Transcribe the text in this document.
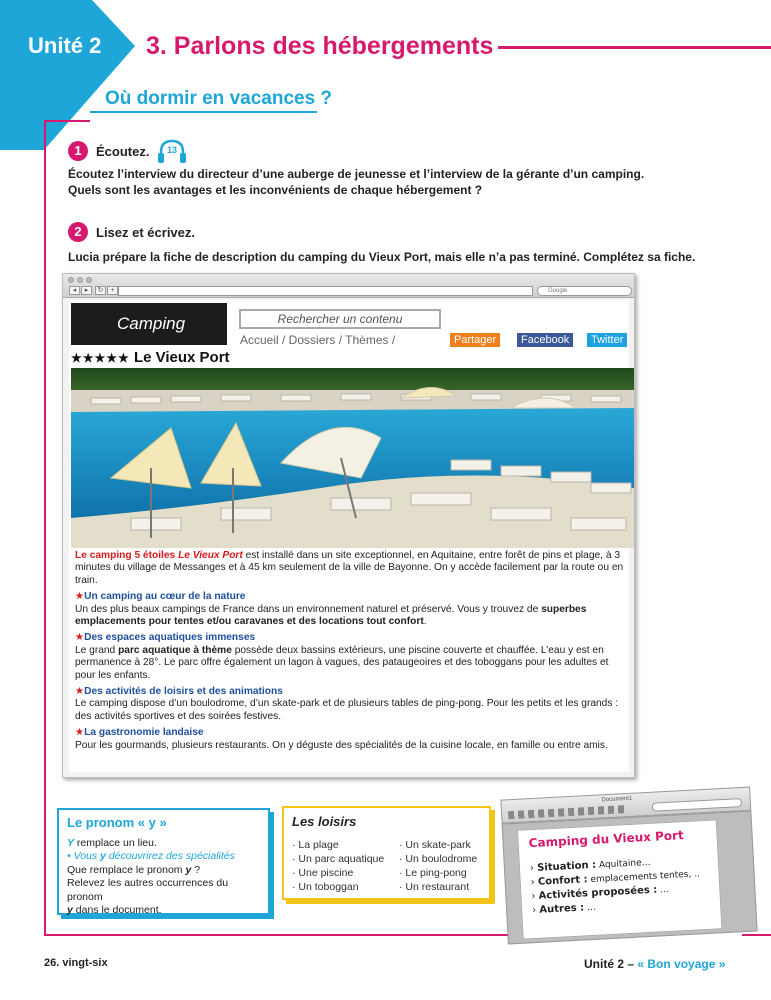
Unité 2 3. Parlons des hébergements
Où dormir en vacances ?
1	Écoutez. 13
Écoutez l’interview du directeur d’une auberge de jeunesse et l’interview de la gérante d’un camping.
Quels sont les avantages et les inconvénients de chaque hébergement ?
2	Lisez et écrivez.
Lucia prépare la fiche de description du camping du Vieux Port, mais elle n’a pas terminé. Complétez sa fiche.
◂	▸	↻	+	Google
Camping	Rechercher un contenu
Accueil / Dossiers / Thèmes /	Partager	Facebook	Twitter
★★★★★ Le Vieux Port

Le camping 5 étoiles Le Vieux Port est installé dans un site exceptionnel, en Aquitaine, entre forêt de pins et plage, à 3 minutes du village de Messanges et à 45 km seulement de la ville de Bayonne. On y accède facilement par la route ou en train.

★Un camping au cœur de la nature
Un des plus beaux campings de France dans un environnement naturel et préservé. Vous y trouvez de superbes emplacements pour tentes et/ou caravanes et des locations tout confort.

★Des espaces aquatiques immenses
Le grand parc aquatique à thème possède deux bassins extérieurs, une piscine couverte et chauffée. L’eau y est en permanence à 28°. Le parc offre également un lagon à vagues, des pataugeoires et des toboggans pour les adultes et pour les enfants.

★Des activités de loisirs et des animations
Le camping dispose d’un boulodrome, d’un skate-park et de plusieurs tables de ping-pong. Pour les petits et les grands : des activités sportives et des soirées festives.

★La gastronomie landaise
Pour les gourmands, plusieurs restaurants. On y déguste des spécialités de la cuisine locale, en famille ou entre amis.

Le pronom « y »
Y remplace un lieu.
• Vous y découvrirez des spécialités
Que remplace le pronom y ?
Relevez les autres occurrences du pronom
y dans le document.
Les loisirs
· La plage
· Un parc aquatique
· Une piscine
· Un toboggan
· Un skate-park
· Un boulodrome
· Le ping-pong
· Un restaurant
Document1
Camping du Vieux Port
› Situation : Aquitaine…
› Confort : emplacements tentes, ..
› Activités proposées : …
› Autres : …
26. vingt-six	Unité 2 – « Bon voyage »
